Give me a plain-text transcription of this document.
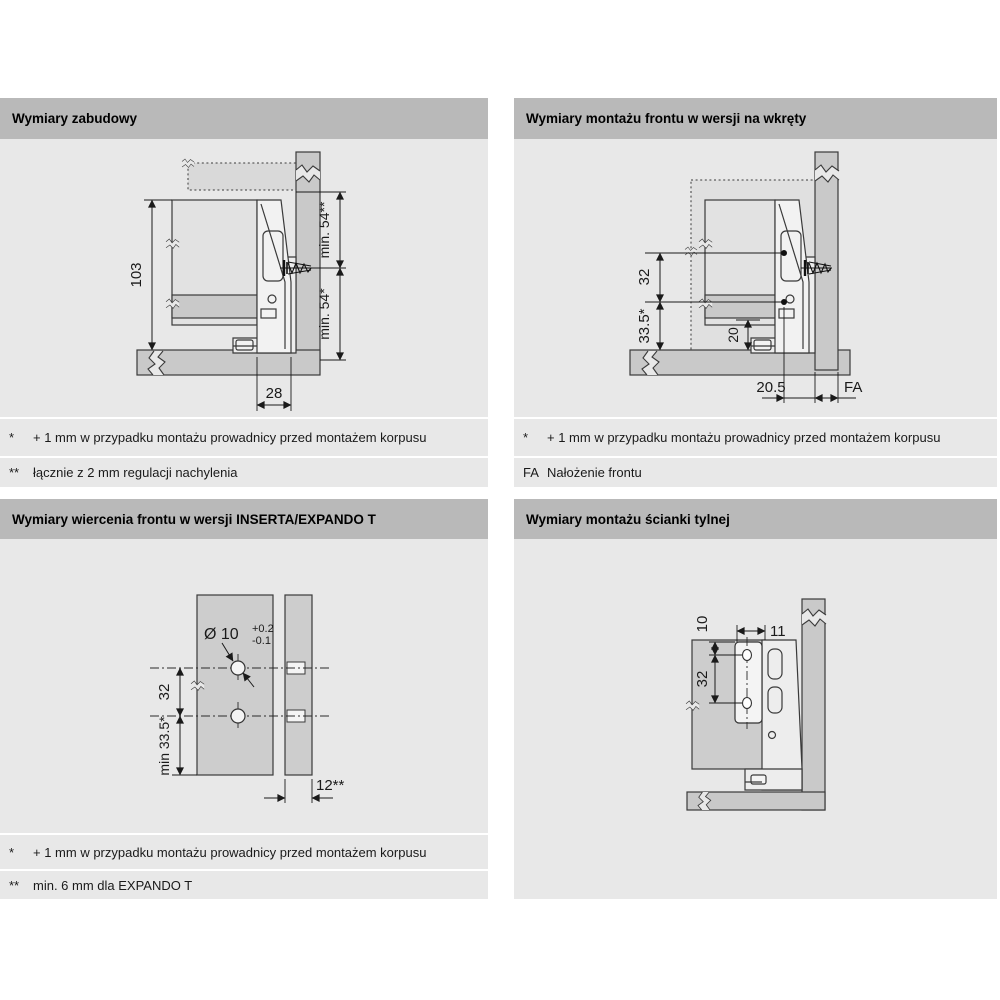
Wymiary zabudowy
103
28
min. 54**
min. 54*
*	+ 1 mm w przypadku montażu prowadnicy przed montażem korpusu
**	łącznie z 2 mm regulacji nachylenia
Wymiary montażu frontu w wersji na wkręty
32
33.5*	20
20.5	FA
*	+ 1 mm w przypadku montażu prowadnicy przed montażem korpusu
FA Nałożenie frontu
Wymiary wiercenia frontu w wersji INSERTA/EXPANDO T
Ø 10 +0.2
-0.1
32
min 33.5*
12**
*	+ 1 mm w przypadku montażu prowadnicy przed montażem korpusu
**	min. 6 mm dla EXPANDO T
Wymiary montażu ścianki tylnej
10
32
11
